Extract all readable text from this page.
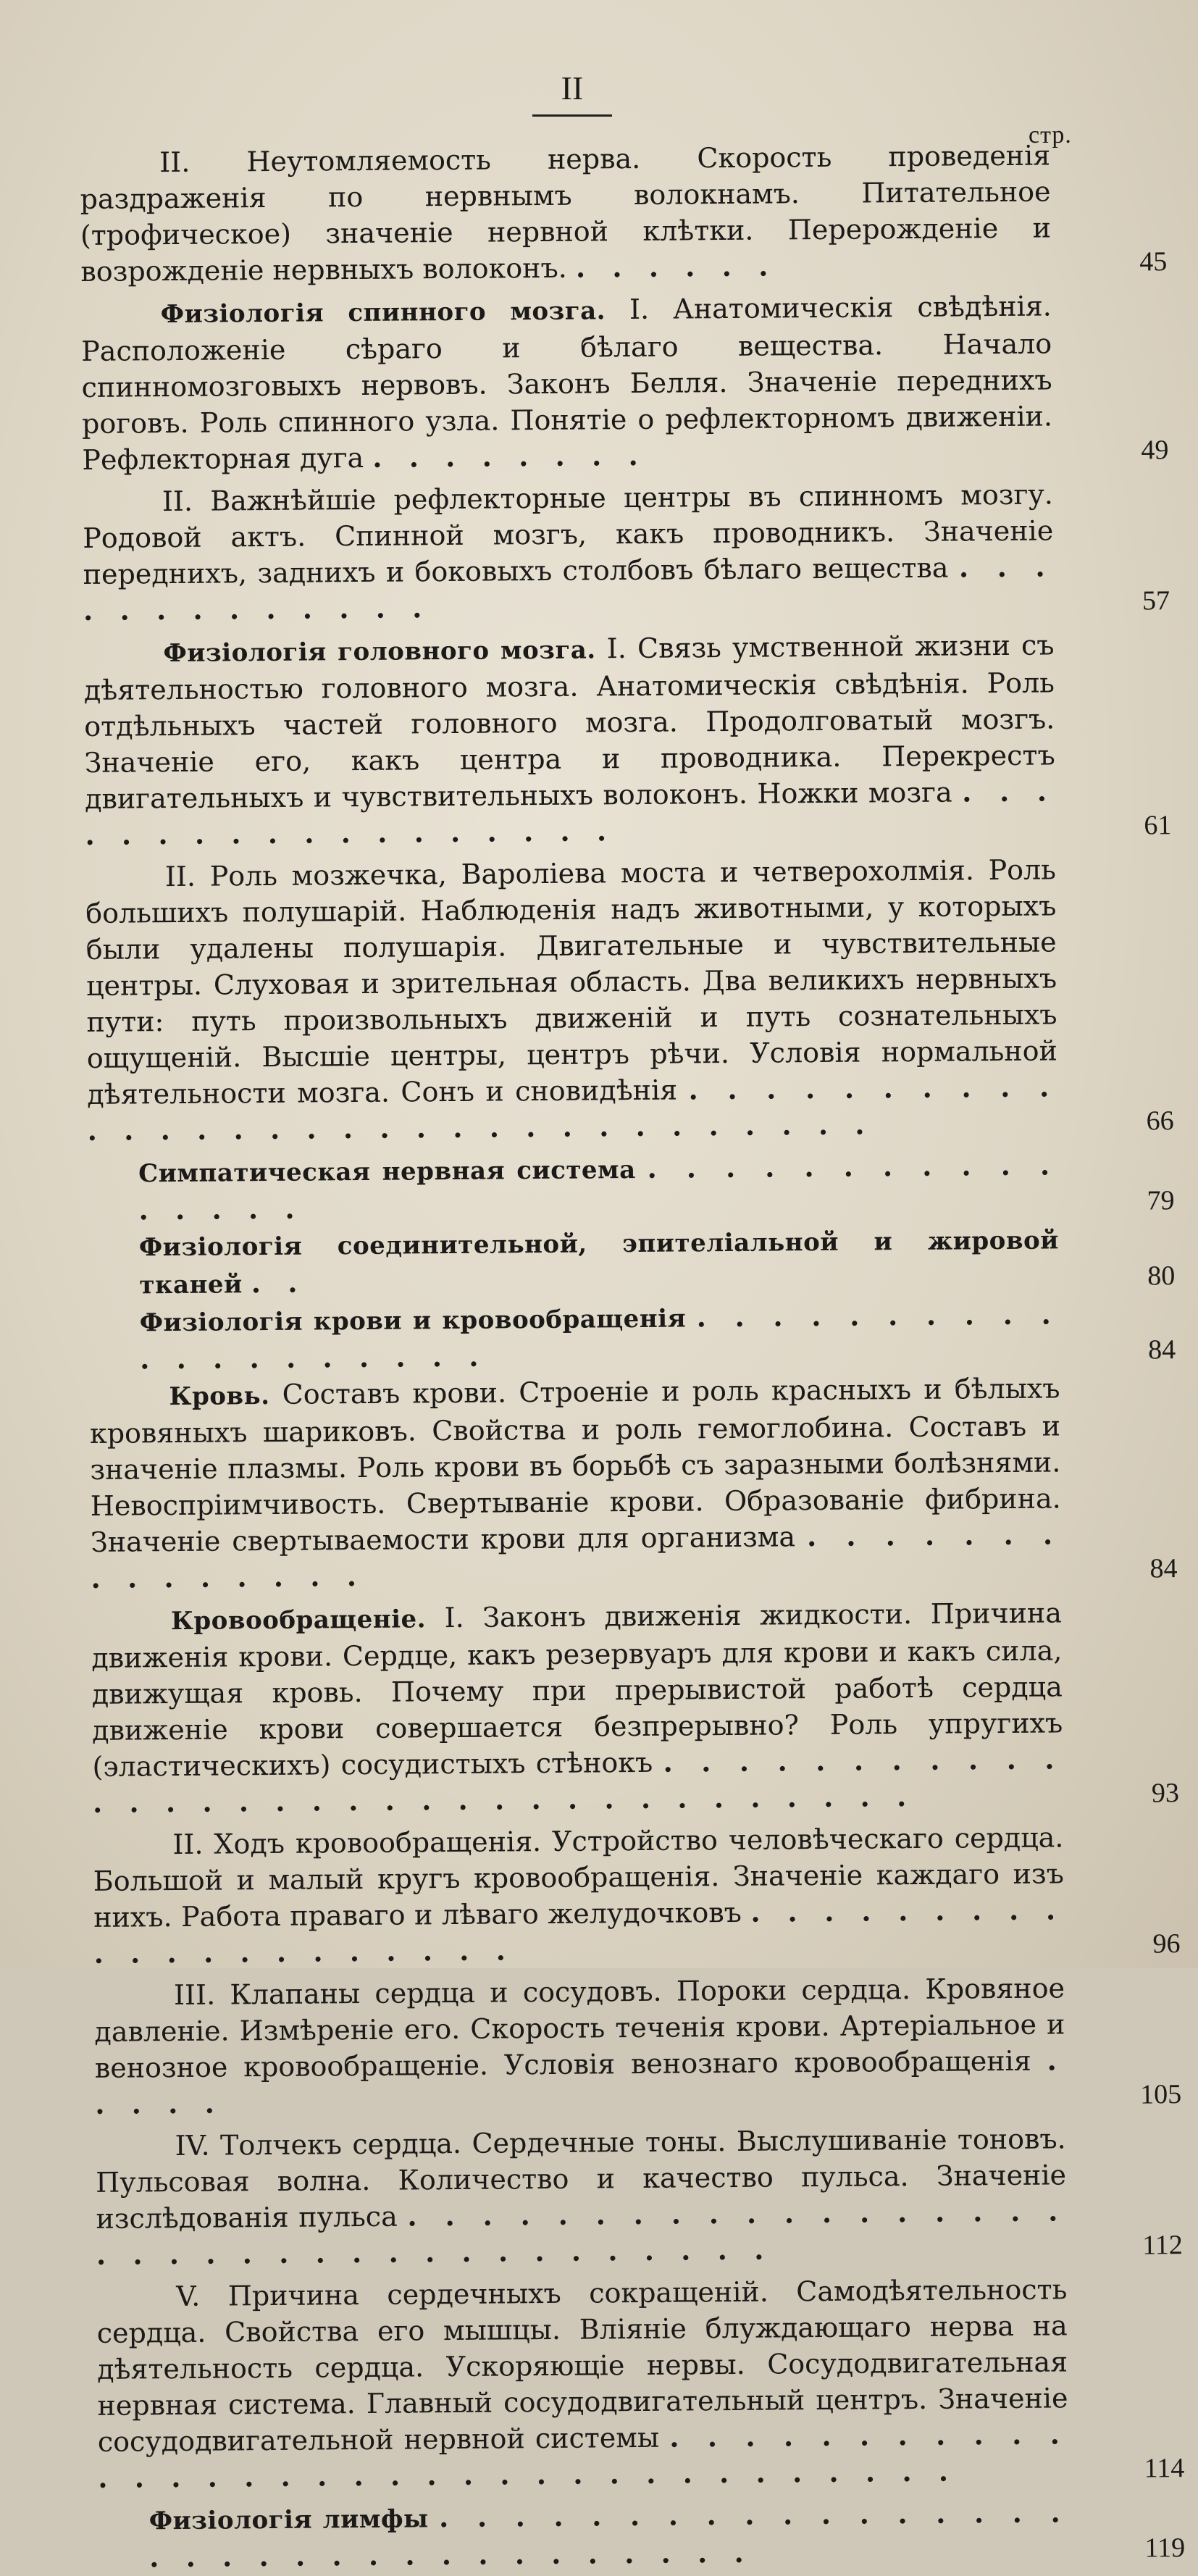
II
стр.
II. Неутомляемость нерва. Скорость проведенія раздраженія по нервнымъ волокнамъ. Питательное (трофическое) значеніе нервной клѣтки. Перерожденіе и возрожденіе нервныхъ волоконъ. . . . . . .	45
Физіологія спинного мозга. I. Анатомическія свѣдѣнія. Расположеніе сѣраго и бѣлаго вещества. Начало спинномозговыхъ нервовъ. Законъ Белля. Значеніе переднихъ роговъ. Роль спинного узла. Понятіе о рефлекторномъ движеніи. Рефлекторная дуга . . . . . . . .	49
II. Важнѣйшіе рефлекторные центры въ спинномъ мозгу. Родовой актъ. Спинной мозгъ, какъ проводникъ. Значеніе переднихъ, заднихъ и боковыхъ столбовъ бѣлаго вещества . . . . . . . . . . . . .	57
Физіологія головного мозга. I. Связь умственной жизни съ дѣятельностью головного мозга. Анатомическія свѣдѣнія. Роль отдѣльныхъ частей головного мозга. Продолговатый мозгъ. Значеніе его, какъ центра и проводника. Перекрестъ двигательныхъ и чувствительныхъ волоконъ. Ножки мозга . . . . . . . . . . . . . . . . . .	61
II. Роль мозжечка, Вароліева моста и четверохолмія. Роль большихъ полушарій. Наблюденія надъ животными, у которыхъ были удалены полушарія. Двигательные и чувствительные центры. Слуховая и зрительная область. Два великихъ нервныхъ пути: путь произвольныхъ движеній и путь сознательныхъ ощущеній. Высшіе центры, центръ рѣчи. Условія нормальной дѣятельности мозга. Сонъ и сновидѣнія . . . . . . . . . . . . . . . . . . . . . . . . . . . . . . . .	66
Симпатическая нервная система . . . . . . . . . . . . . . . .	79
Физіологія соединительной, эпителіальной и жировой тканей . .	80
Физіологія крови и кровообращенія . . . . . . . . . . . . . . . . . . . .	84
Кровь. Составъ крови. Строеніе и роль красныхъ и бѣлыхъ кровяныхъ шариковъ. Свойства и роль гемоглобина. Составъ и значеніе плазмы. Роль крови въ борьбѣ съ заразными болѣзнями. Невоспріимчивость. Свертываніе крови. Образованіе фибрина. Значеніе свертываемости крови для организма . . . . . . . . . . . . . . .	84
Кровообращеніе. I. Законъ движенія жидкости. Причина движенія крови. Сердце, какъ резервуаръ для крови и какъ сила, движущая кровь. Почему при прерывистой работѣ сердца движеніе крови совершается безпрерывно? Роль упругихъ (эластическихъ) сосудистыхъ стѣнокъ . . . . . . . . . . . . . . . . . . . . . . . . . . . . . . . . . .	93
II. Ходъ кровообращенія. Устройство человѣческаго сердца. Большой и малый кругъ кровообращенія. Значеніе каждаго изъ нихъ. Работа праваго и лѣваго желудочковъ . . . . . . . . . . . . . . . . . . . . .	96
III. Клапаны сердца и сосудовъ. Пороки сердца. Кровяное давленіе. Измѣреніе его. Скорость теченія крови. Артеріальное и венозное кровообращеніе. Условія венознаго кровообращенія . . . . .	105
IV. Толчекъ сердца. Сердечные тоны. Выслушиваніе тоновъ. Пульсовая волна. Количество и качество пульса. Значеніе изслѣдованія пульса . . . . . . . . . . . . . . . . . . . . . . . . . . . . . . . . . . . . .	112
V. Причина сердечныхъ сокращеній. Самодѣятельность сердца. Свойства его мышцы. Вліяніе блуждающаго нерва на дѣятельность сердца. Ускоряющіе нервы. Сосудодвигательная нервная система. Главный сосудодвигательный центръ. Значеніе сосудодвигательной нервной системы . . . . . . . . . . . . . . . . . . . . . . . . . . . . . . . . . . .	114
Физіологія лимфы . . . . . . . . . . . . . . . . . . . . . . . . . . . . . . . . . .	119
